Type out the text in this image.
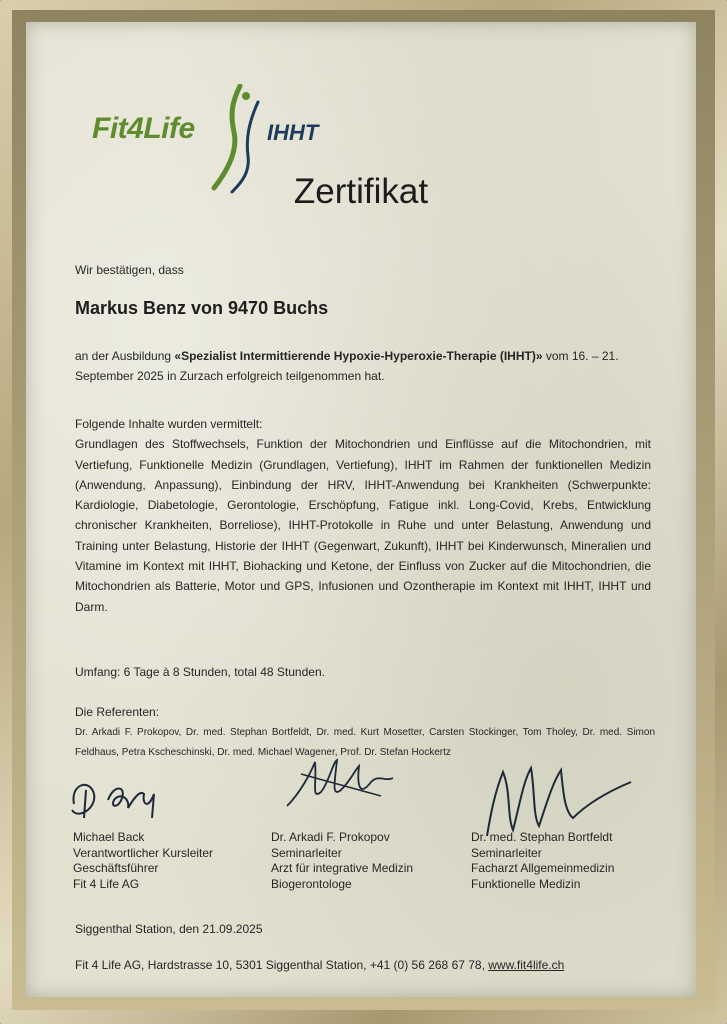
Fit4Life	IHHT
Zertifikat
Wir bestätigen, dass
Markus Benz von 9470 Buchs
an der Ausbildung «Spezialist Intermittierende Hypoxie-Hyperoxie-Therapie (IHHT)» vom 16. – 21. September 2025 in Zurzach erfolgreich teilgenommen hat.
Folgende Inhalte wurden vermittelt:
Grundlagen des Stoffwechsels, Funktion der Mitochondrien und Einflüsse auf die Mitochondrien, mit Vertiefung, Funktionelle Medizin (Grundlagen, Vertiefung), IHHT im Rahmen der funktionellen Medizin (Anwendung, Anpassung), Einbindung der HRV, IHHT-Anwendung bei Krankheiten (Schwerpunkte: Kardiologie, Diabetologie, Gerontologie, Erschöpfung, Fatigue inkl. Long-Covid, Krebs, Entwicklung chronischer Krankheiten, Borreliose), IHHT-Protokolle in Ruhe und unter Belastung, Anwendung und Training unter Belastung, Historie der IHHT (Gegenwart, Zukunft), IHHT bei Kinderwunsch, Mineralien und Vitamine im Kontext mit IHHT, Biohacking und Ketone, der Einfluss von Zucker auf die Mitochondrien, die Mitochondrien als Batterie, Motor und GPS, Infusionen und Ozontherapie im Kontext mit IHHT, IHHT und Darm.
Umfang: 6 Tage à 8 Stunden, total 48 Stunden.
Die Referenten:
Dr. Arkadi F. Prokopov, Dr. med. Stephan Bortfeldt, Dr. med. Kurt Mosetter, Carsten Stockinger, Tom Tholey, Dr. med. Simon Feldhaus, Petra Kscheschinski, Dr. med. Michael Wagener, Prof. Dr. Stefan Hockertz
Michael Back
Verantwortlicher Kursleiter
Geschäftsführer
Fit 4 Life AG
Dr. Arkadi F. Prokopov
Seminarleiter
Arzt für integrative Medizin
Biogerontologe
Dr. med. Stephan Bortfeldt
Seminarleiter
Facharzt Allgemeinmedizin
Funktionelle Medizin
Siggenthal Station, den 21.09.2025
Fit 4 Life AG, Hardstrasse 10, 5301 Siggenthal Station, +41 (0) 56 268 67 78, www.fit4life.ch
